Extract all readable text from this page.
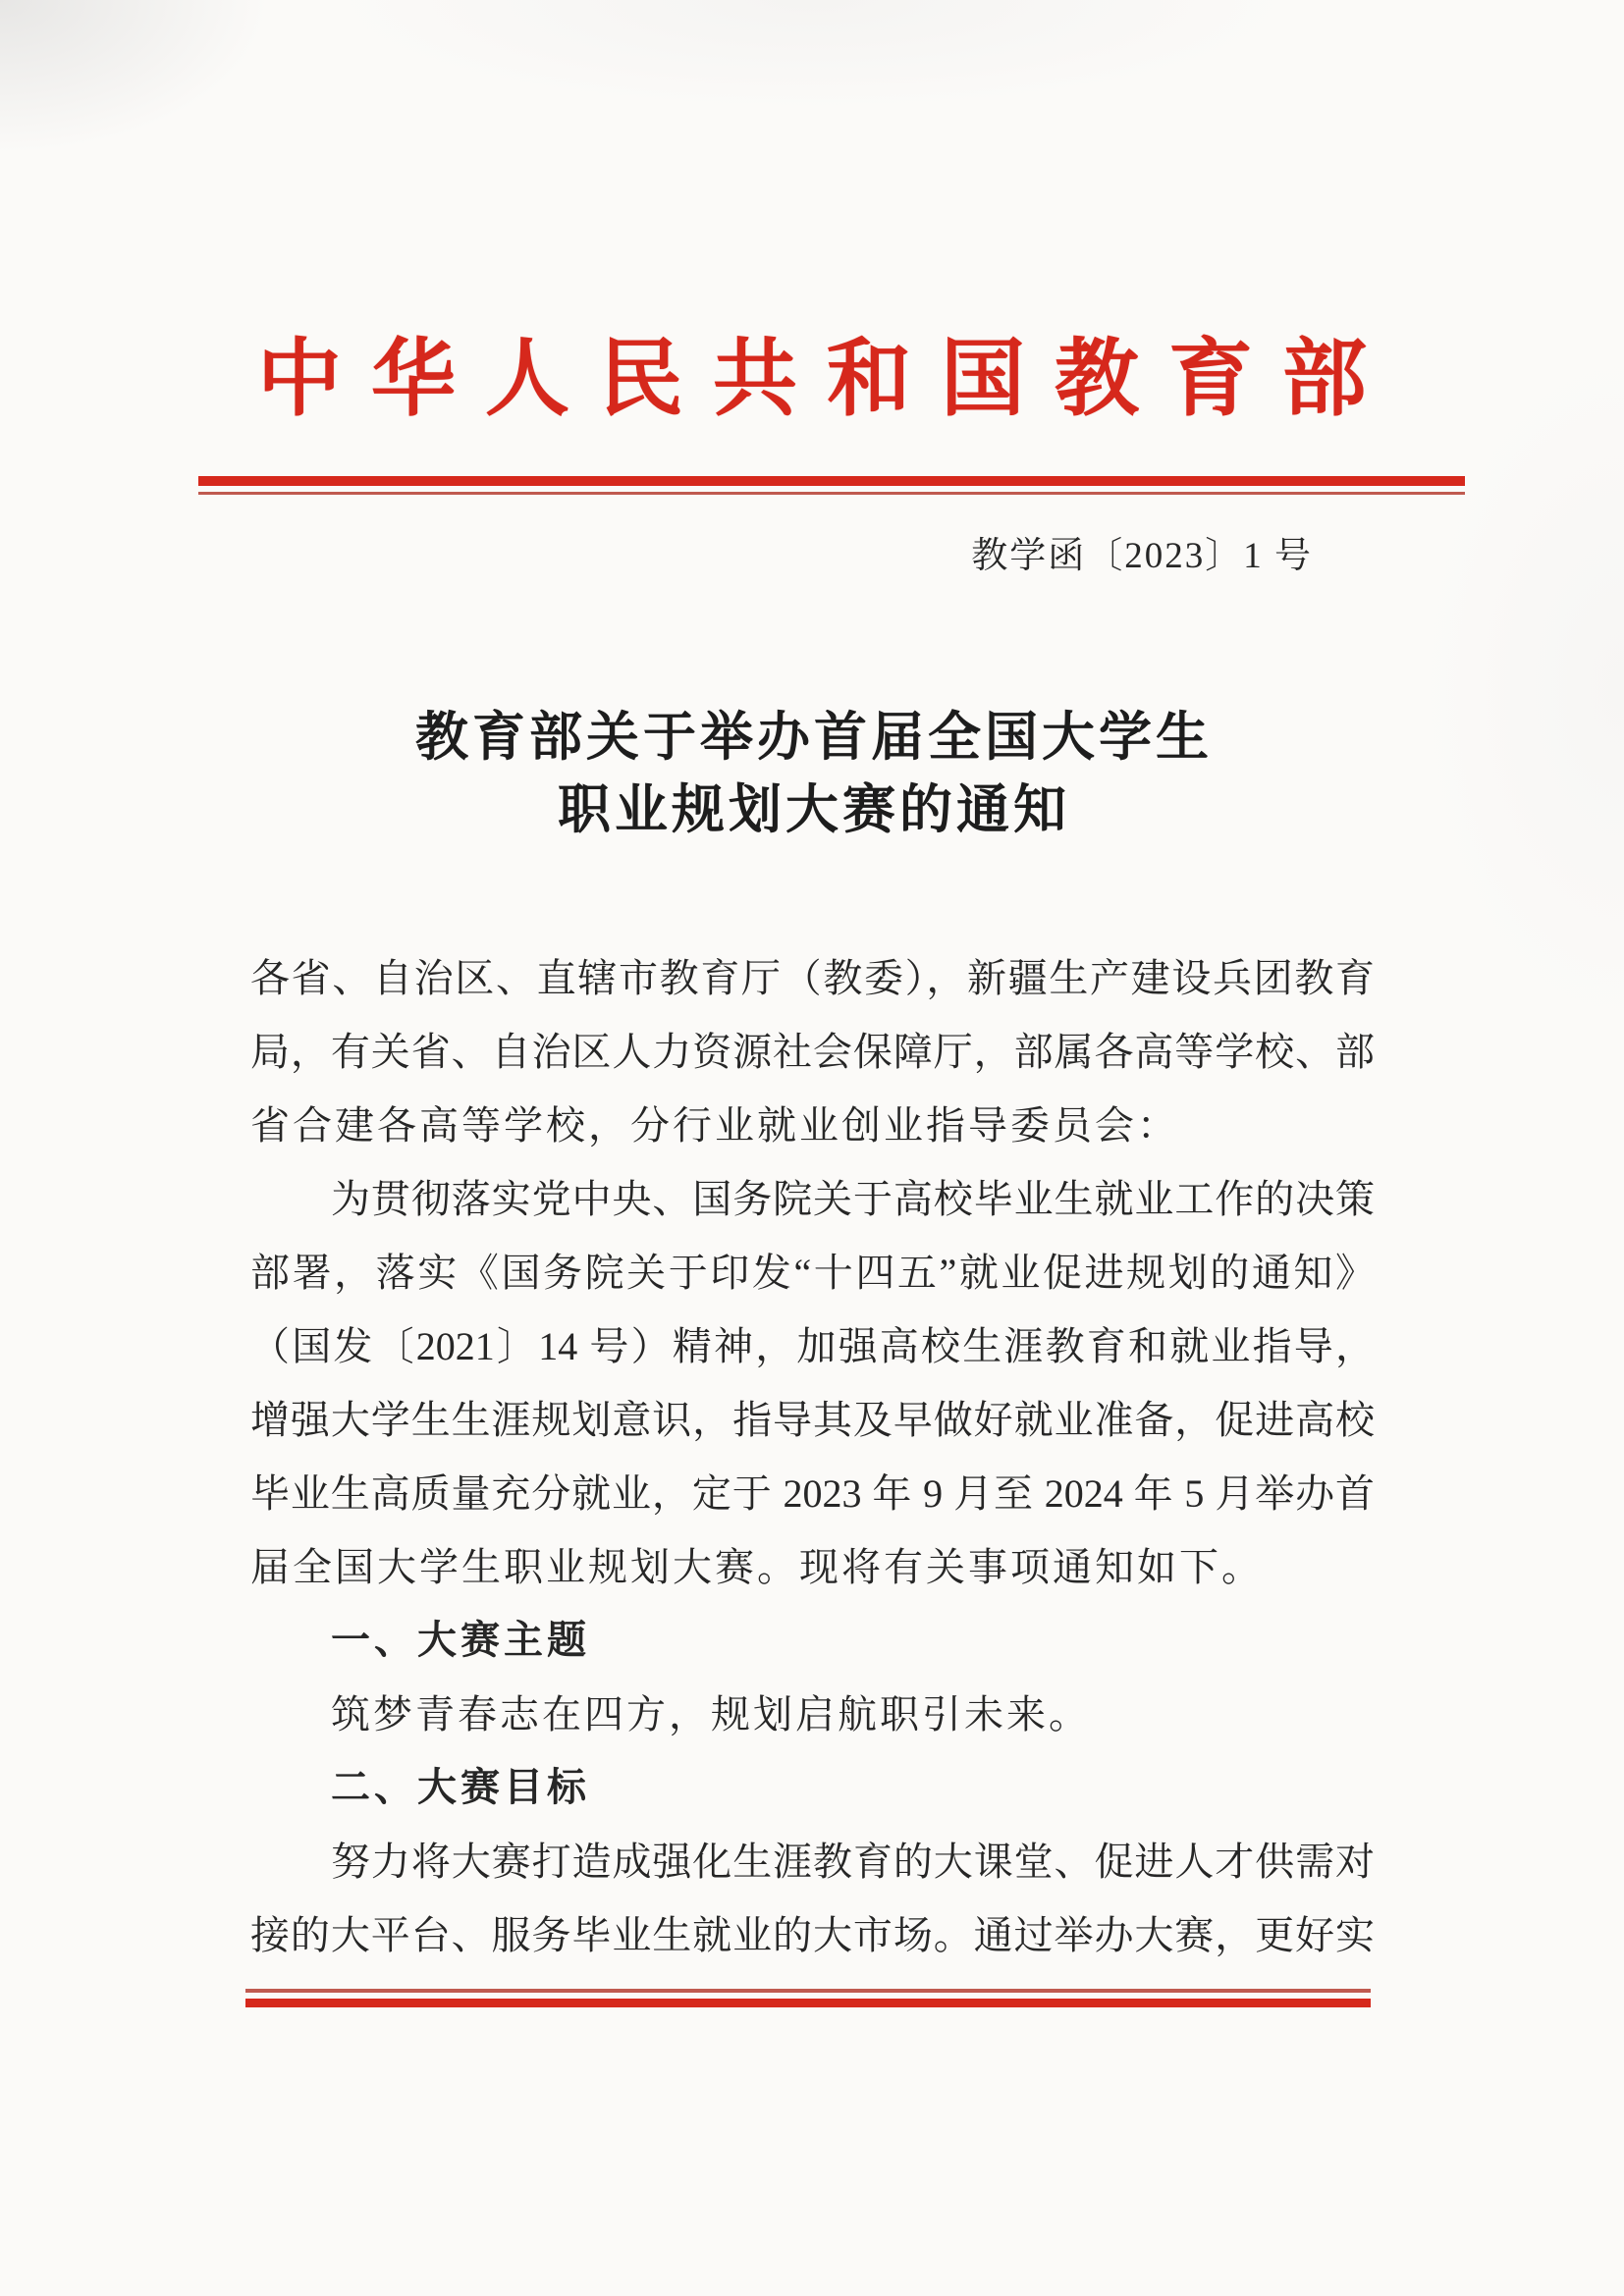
中华人民共和国教育部
教学函〔2023〕1 号
教育部关于举办首届全国大学生
职业规划大赛的通知
各省、自治区、直辖市教育厅（教委），新疆生产建设兵团教育
局，有关省、自治区人力资源社会保障厅，部属各高等学校、部
省合建各高等学校，分行业就业创业指导委员会：
为贯彻落实党中央、国务院关于高校毕业生就业工作的决策
部署，落实《国务院关于印发“十四五”就业促进规划的通知》
（国发〔2021〕14 号）精神，加强高校生涯教育和就业指导，
增强大学生生涯规划意识，指导其及早做好就业准备，促进高校
毕业生高质量充分就业，定于 2023 年 9 月至 2024 年 5 月举办首
届全国大学生职业规划大赛。现将有关事项通知如下。
一、大赛主题
筑梦青春志在四方，规划启航职引未来。
二、大赛目标
努力将大赛打造成强化生涯教育的大课堂、促进人才供需对
接的大平台、服务毕业生就业的大市场。通过举办大赛，更好实
